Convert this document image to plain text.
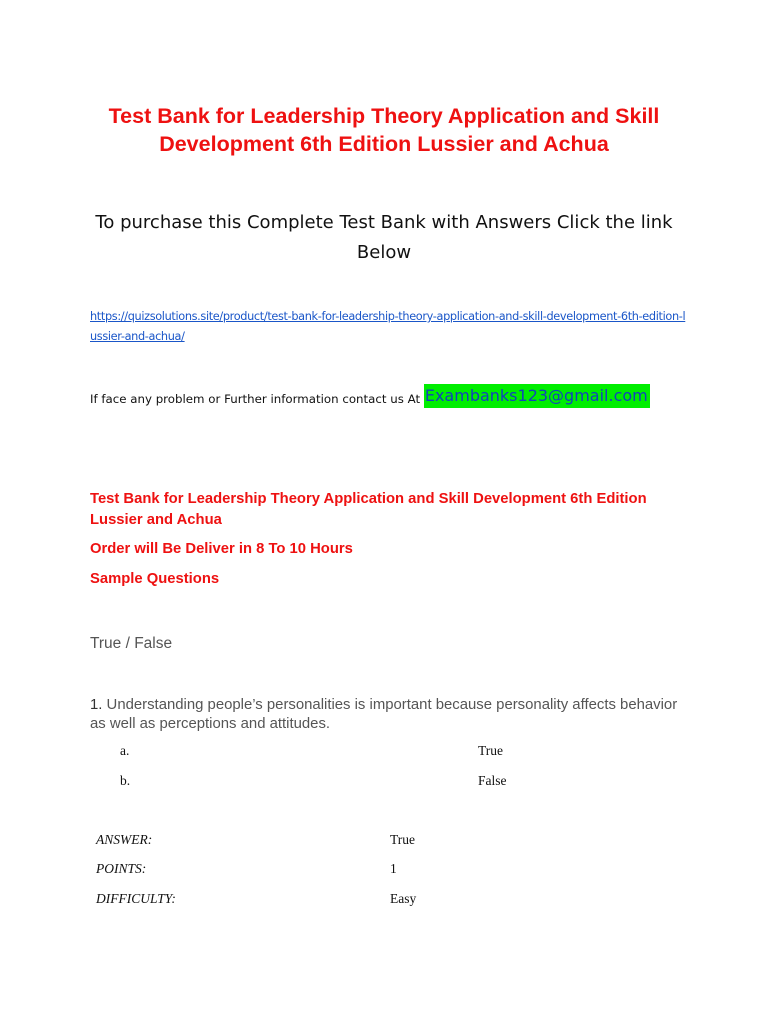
Test Bank for Leadership Theory Application and Skill Development 6th Edition Lussier and Achua

To purchase this Complete Test Bank with Answers Click the link Below

https://quizsolutions.site/product/test-bank-for-leadership-theory-application-and-skill-development-6th-edition-lussier-and-achua/

If face any problem or Further information contact us At Exambanks123@gmail.com

Test Bank for Leadership Theory Application and Skill Development 6th Edition Lussier and Achua

Order will Be Deliver in 8 To 10 Hours

Sample Questions

True / False

1. Understanding people’s personalities is important because personality affects behavior as well as perceptions and attitudes.

a.	True
b.	False
ANSWER:	True
POINTS:	1
DIFFICULTY:	Easy
